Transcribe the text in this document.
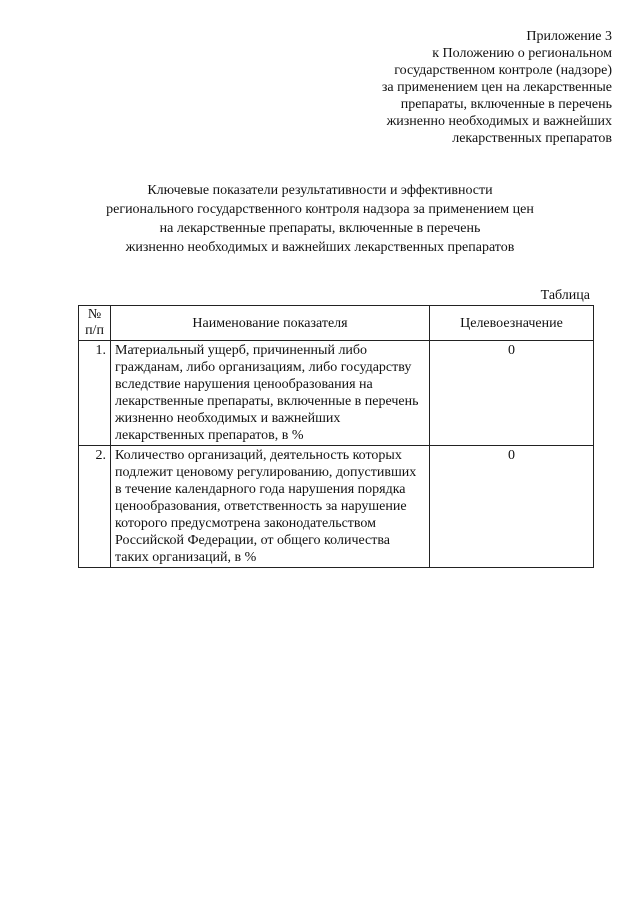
Приложение 3
к Положению о региональном
государственном контроле (надзоре)
за применением цен на лекарственные
препараты, включенные в перечень
жизненно необходимых и важнейших
лекарственных препаратов
Ключевые показатели результативности и эффективности
регионального государственного контроля надзора за применением цен
на лекарственные препараты, включенные в перечень
жизненно необходимых и важнейших лекарственных препаратов
Таблица
№
п/п	Наименование показателя	Целевоезначение
1.	Материальный ущерб, причиненный либо гражданам, либо организациям, либо государству вследствие нарушения ценообразования на лекарственные препараты, включенные в перечень жизненно необходимых и важнейших лекарственных препаратов, в %	0
2.	Количество организаций, деятельность которых подлежит ценовому регулированию, допустивших в течение календарного года нарушения порядка ценообразования, ответственность за нарушение которого предусмотрена законодательством Российской Федерации, от общего количества таких организаций, в %	0
